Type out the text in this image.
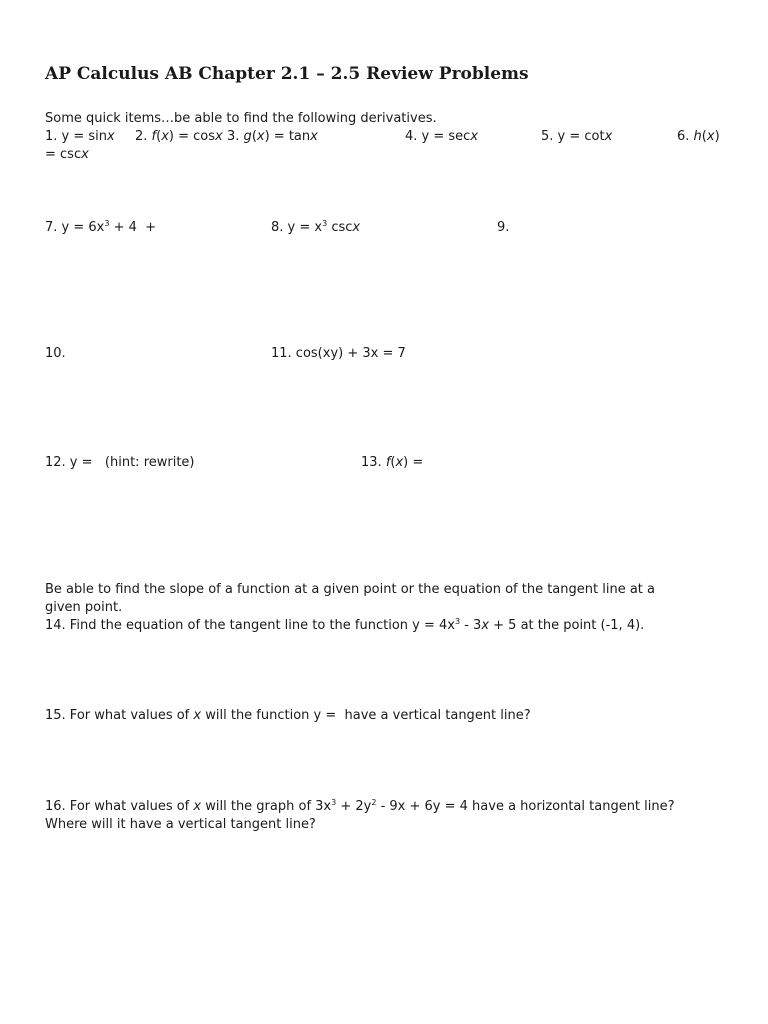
AP Calculus AB Chapter 2.1 – 2.5 Review Problems
Some quick items…be able to find the following derivatives.
1. y = sinx 2. f(x) = cosx 3. g(x) = tanx	4. y = secx	5. y = cotx	6. h(x)
= cscx
7. $y = 6x^3 + 4$  +	8. $y = x^3$ cscx	9.
10.	11. cos(xy) + 3x = 7
12. y =   (hint: rewrite)	13. f(x) =
Be able to find the slope of a function at a given point or the equation of the tangent line at a
given point.
14. Find the equation of the tangent line to the function $y = 4x^3 - 3x + 5$ at the point (-1, 4).
15. For what values of x will the function y =  have a vertical tangent line?
16. For what values of x will the graph of $3x^3 + 2y^2 - 9x + 6y = 4$ have a horizontal tangent line?
Where will it have a vertical tangent line?
